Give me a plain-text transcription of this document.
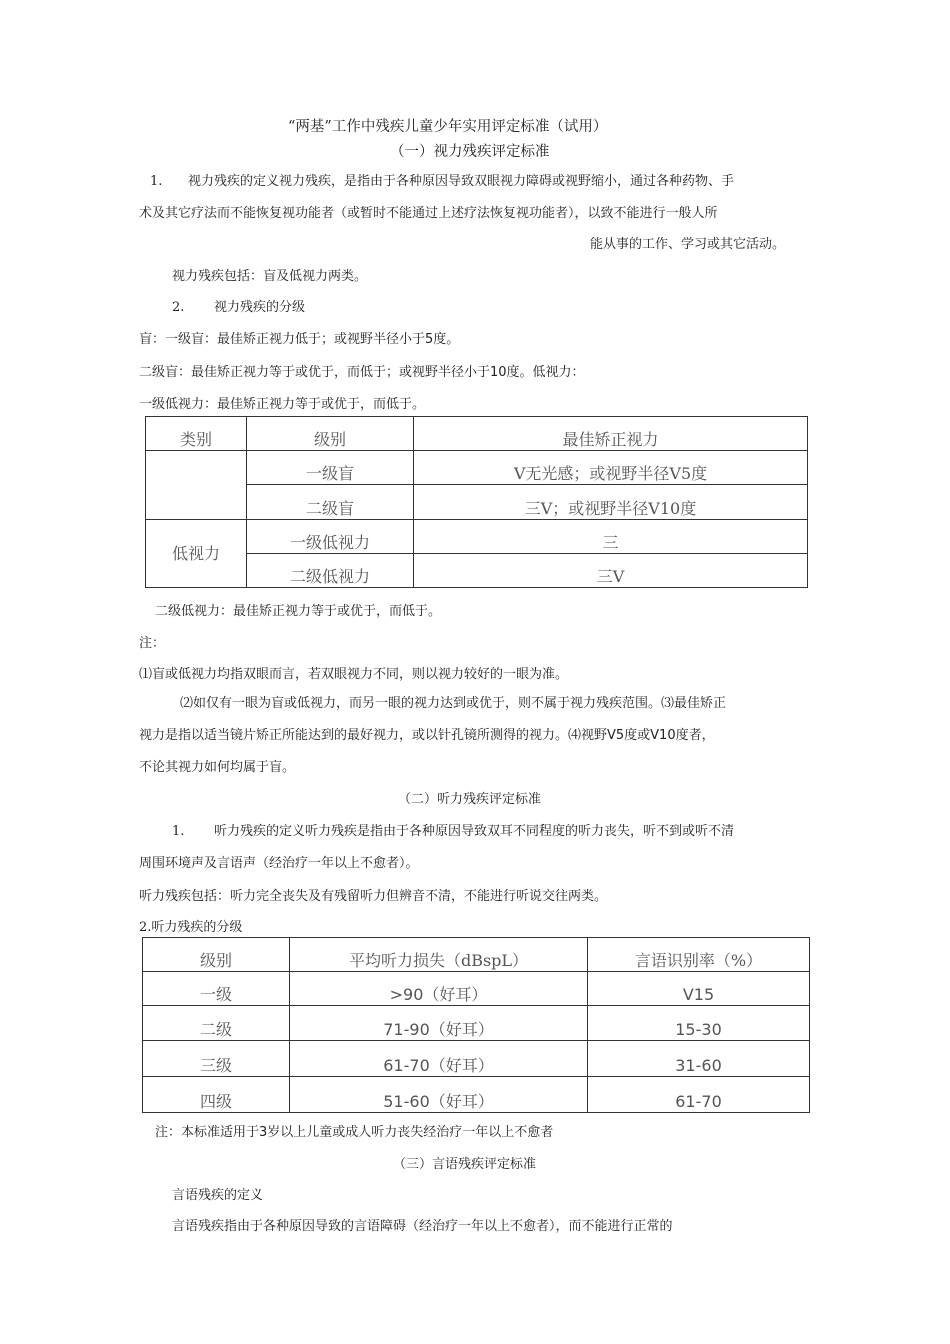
“两基”工作中残疾儿童少年实用评定标准（试用）
（一）视力残疾评定标准
1. 视力残疾的定义视力残疾，是指由于各种原因导致双眼视力障碍或视野缩小，通过各种药物、手
术及其它疗法而不能恢复视功能者（或暂时不能通过上述疗法恢复视功能者），以致不能进行一般人所
能从事的工作、学习或其它活动。
视力残疾包括：盲及低视力两类。
2. 视力残疾的分级
盲：一级盲：最佳矫正视力低于；或视野半径小于5度。
二级盲：最佳矫正视力等于或优于，而低于；或视野半径小于10度。低视力：
一级低视力：最佳矫正视力等于或优于，而低于。
类别	级别	最佳矫正视力
	一级盲	V无光感；或视野半径V5度
	二级盲	三V；或视野半径V10度
低视力	一级低视力	三
	二级低视力	三V
二级低视力：最佳矫正视力等于或优于，而低于。
注：
⑴盲或低视力均指双眼而言，若双眼视力不同，则以视力较好的一眼为准。
⑵如仅有一眼为盲或低视力，而另一眼的视力达到或优于，则不属于视力残疾范围。⑶最佳矫正
视力是指以适当镜片矫正所能达到的最好视力，或以针孔镜所测得的视力。⑷视野V5度或V10度者，
不论其视力如何均属于盲。
（二）听力残疾评定标准
1. 听力残疾的定义听力残疾是指由于各种原因导致双耳不同程度的听力丧失，听不到或听不清
周围环境声及言语声（经治疗一年以上不愈者）。
听力残疾包括：听力完全丧失及有残留听力但辨音不清，不能进行听说交往两类。
2.听力残疾的分级
级别	平均听力损失（dBspL）	言语识别率（%）
一级	>90（好耳）	V15
二级	71-90（好耳）	15-30
三级	61-70（好耳）	31-60
四级	51-60（好耳）	61-70
注：本标准适用于3岁以上儿童或成人听力丧失经治疗一年以上不愈者
（三）言语残疾评定标准
言语残疾的定义
言语残疾指由于各种原因导致的言语障碍（经治疗一年以上不愈者），而不能进行正常的
